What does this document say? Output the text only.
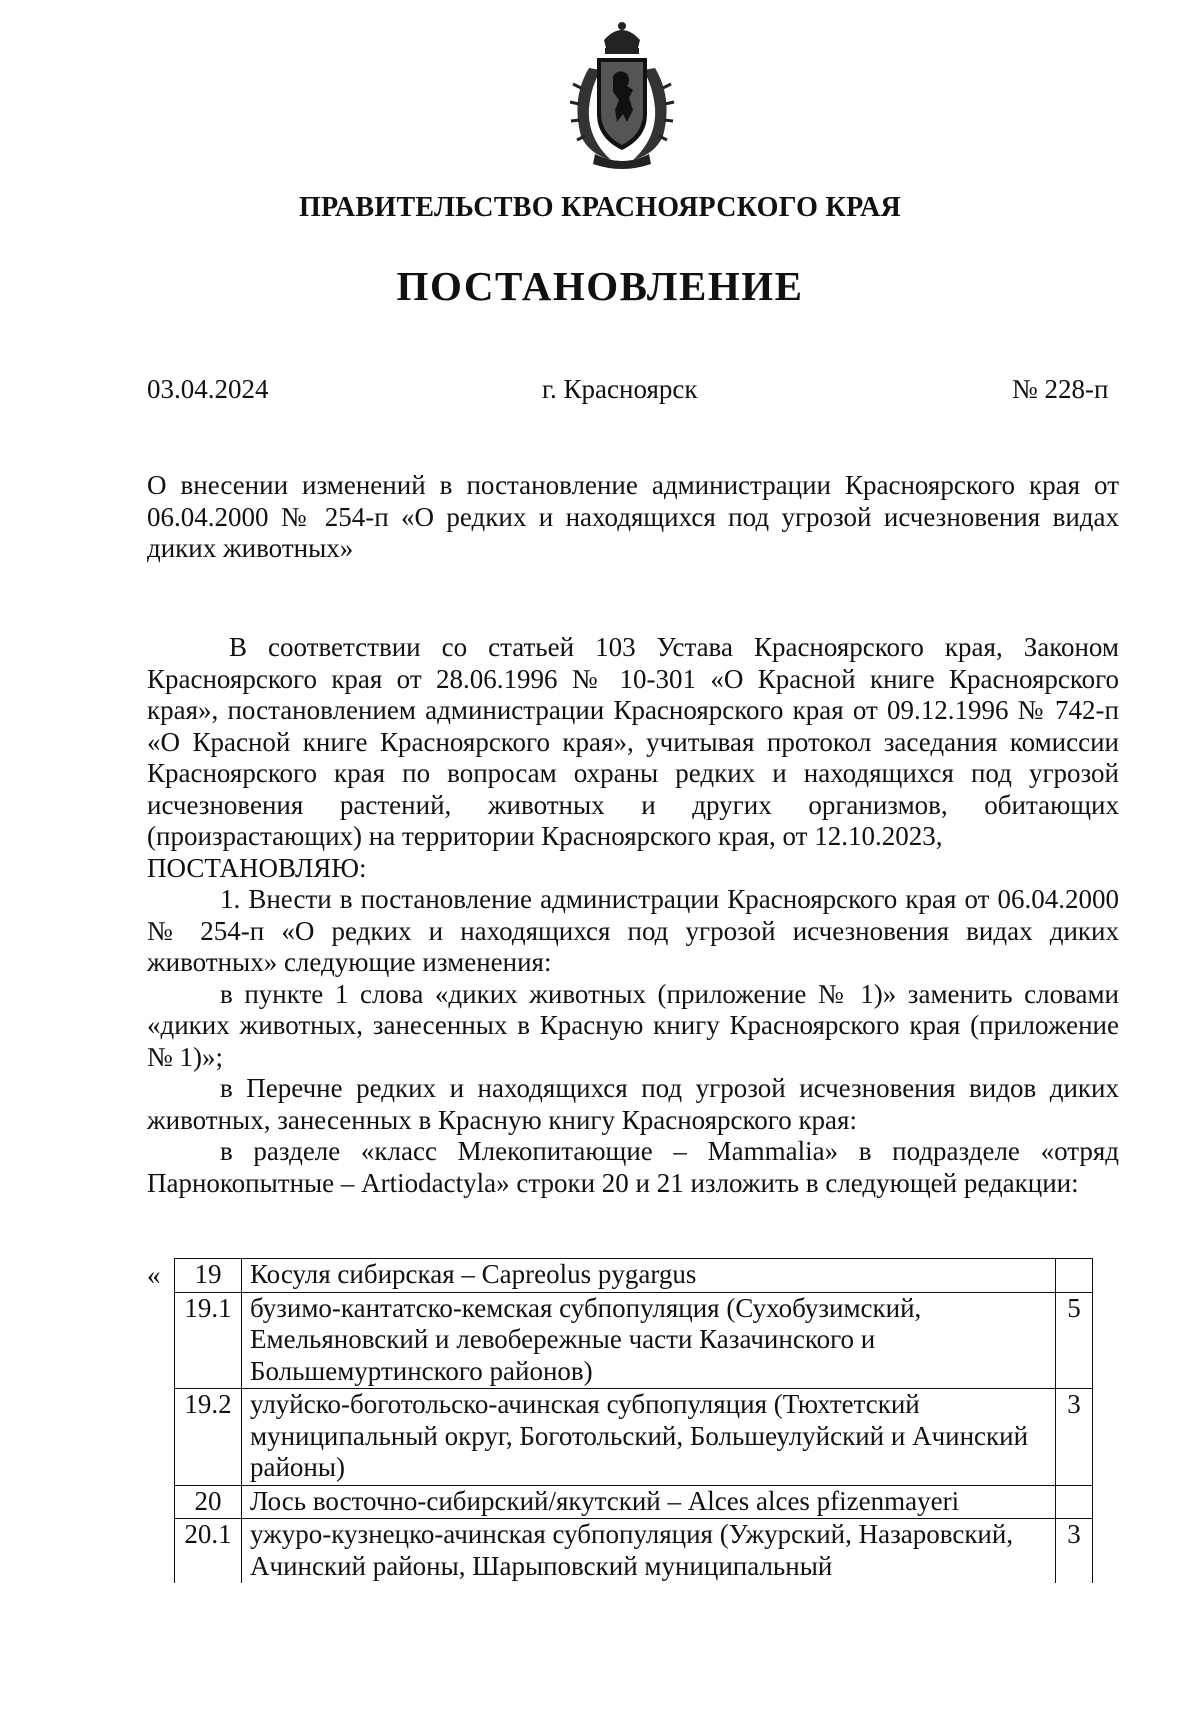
ПРАВИТЕЛЬСТВО КРАСНОЯРСКОГО КРАЯ
ПОСТАНОВЛЕНИЕ
03.04.2024	г. Красноярск	№ 228-п
О внесении изменений в постановление администрации Красноярского края от 06.04.2000 № 254-п «О редких и находящихся под угрозой исчезновения видах диких животных»

В соответствии со статьей 103 Устава Красноярского края, Законом Красноярского края от 28.06.1996 № 10-301 «О Красной книге Красноярского края», постановлением администрации Красноярского края от 09.12.1996 № 742-п «О Красной книге Красноярского края», учитывая протокол заседания комиссии Красноярского края по вопросам охраны редких и находящихся под угрозой исчезновения растений, животных и других организмов, обитающих (произрастающих) на территории Красноярского края, от 12.10.2023,

ПОСТАНОВЛЯЮ:

1. Внести в постановление администрации Красноярского края от 06.04.2000 № 254-п «О редких и находящихся под угрозой исчезновения видах диких животных» следующие изменения:

в пункте 1 слова «диких животных (приложение № 1)» заменить словами «диких животных, занесенных в Красную книгу Красноярского края (приложение № 1)»;

в Перечне редких и находящихся под угрозой исчезновения видов диких животных, занесенных в Красную книгу Красноярского края:

в разделе «класс Млекопитающие – Mammalia» в подразделе «отряд Парнокопытные – Artiodactyla» строки 20 и 21 изложить в следующей редакции:

« 19	Косуля сибирская – Capreolus pygargus	
19.1	бузимо-кантатско-кемская субпопуляция (Сухобузимский, Емельяновский и левобережные части Казачинского и Большемуртинского районов)	5
19.2	улуйско-боготольско-ачинская субпопуляция (Тюхтетский муниципальный округ, Боготольский, Большеулуйский и Ачинский районы)	3
20	Лось восточно-сибирский/якутский – Alces alces pfizenmayeri	
20.1	ужуро-кузнецко-ачинская субпопуляция (Ужурский, Назаровский, Ачинский районы, Шарыповский муниципальный	3
